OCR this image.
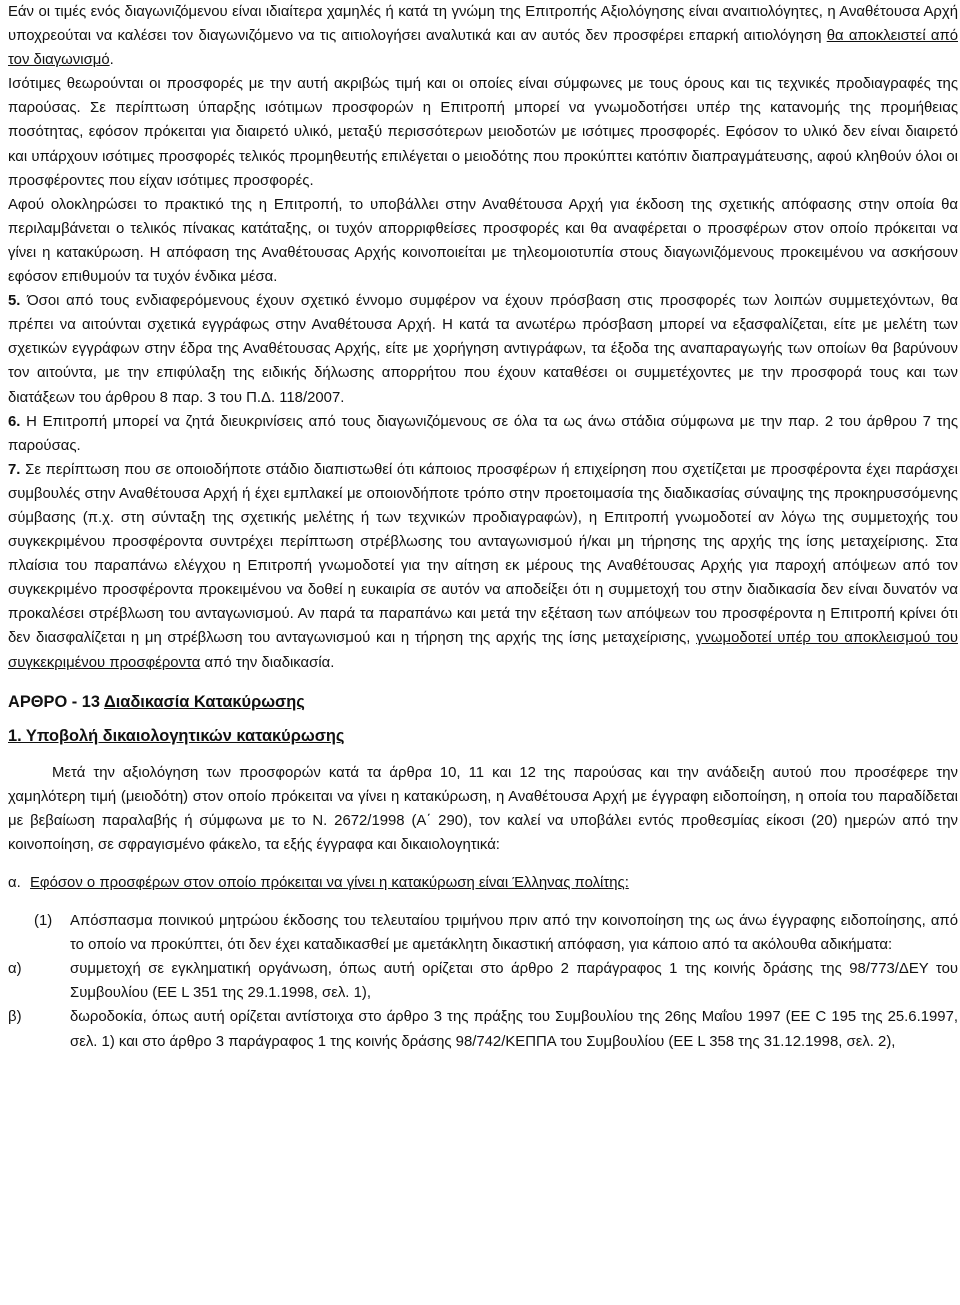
Εάν οι τιμές ενός διαγωνιζόμενου είναι ιδιαίτερα χαμηλές ή κατά τη γνώμη της Επιτροπής Αξιολόγησης είναι αναιτιολόγητες, η Αναθέτουσα Αρχή υποχρεούται να καλέσει τον διαγωνιζόμενο να τις αιτιολογήσει αναλυτικά και αν αυτός δεν προσφέρει επαρκή αιτιολόγηση θα αποκλειστεί από τον διαγωνισμό.

Ισότιμες θεωρούνται οι προσφορές με την αυτή ακριβώς τιμή και οι οποίες είναι σύμφωνες με τους όρους και τις τεχνικές προδιαγραφές της παρούσας. Σε περίπτωση ύπαρξης ισότιμων προσφορών η Επιτροπή μπορεί να γνωμοδοτήσει υπέρ της κατανομής της προμήθειας ποσότητας, εφόσον πρόκειται για διαιρετό υλικό, μεταξύ περισσότερων μειοδοτών με ισότιμες προσφορές. Εφόσον το υλικό δεν είναι διαιρετό και υπάρχουν ισότιμες προσφορές τελικός προμηθευτής επιλέγεται ο μειοδότης που προκύπτει κατόπιν διαπραγμάτευσης, αφού κληθούν όλοι οι προσφέροντες που είχαν ισότιμες προσφορές.

Αφού ολοκληρώσει το πρακτικό της η Επιτροπή, το υποβάλλει στην Αναθέτουσα Αρχή για έκδοση της σχετικής απόφασης στην οποία θα περιλαμβάνεται ο τελικός πίνακας κατάταξης, οι τυχόν απορριφθείσες προσφορές και θα αναφέρεται ο προσφέρων στον οποίο πρόκειται να γίνει η κατακύρωση. Η απόφαση της Αναθέτουσας Αρχής κοινοποιείται με τηλεομοιοτυπία στους διαγωνιζόμενους προκειμένου να ασκήσουν εφόσον επιθυμούν τα τυχόν ένδικα μέσα.

5. Όσοι από τους ενδιαφερόμενους έχουν σχετικό έννομο συμφέρον να έχουν πρόσβαση στις προσφορές των λοιπών συμμετεχόντων, θα πρέπει να αιτούνται σχετικά εγγράφως στην Αναθέτουσα Αρχή. Η κατά τα ανωτέρω πρόσβαση μπορεί να εξασφαλίζεται, είτε με μελέτη των σχετικών εγγράφων στην έδρα της Αναθέτουσας Αρχής, είτε με χορήγηση αντιγράφων, τα έξοδα της αναπαραγωγής των οποίων θα βαρύνουν τον αιτούντα, με την επιφύλαξη της ειδικής δήλωσης απορρήτου που έχουν καταθέσει οι συμμετέχοντες με την προσφορά τους και των διατάξεων του άρθρου 8 παρ. 3 του Π.Δ. 118/2007.

6. Η Επιτροπή μπορεί να ζητά διευκρινίσεις από τους διαγωνιζόμενους σε όλα τα ως άνω στάδια σύμφωνα με την παρ. 2 του άρθρου 7 της παρούσας.

7. Σε περίπτωση που σε οποιοδήποτε στάδιο διαπιστωθεί ότι κάποιος προσφέρων ή επιχείρηση που σχετίζεται με προσφέροντα έχει παράσχει συμβουλές στην Αναθέτουσα Αρχή ή έχει εμπλακεί με οποιονδήποτε τρόπο στην προετοιμασία της διαδικασίας σύναψης της προκηρυσσόμενης σύμβασης (π.χ. στη σύνταξη της σχετικής μελέτης ή των τεχνικών προδιαγραφών), η Επιτροπή γνωμοδοτεί αν λόγω της συμμετοχής του συγκεκριμένου προσφέροντα συντρέχει περίπτωση στρέβλωσης του ανταγωνισμού ή/και μη τήρησης της αρχής της ίσης μεταχείρισης. Στα πλαίσια του παραπάνω ελέγχου η Επιτροπή γνωμοδοτεί για την αίτηση εκ μέρους της Αναθέτουσας Αρχής για παροχή απόψεων από τον συγκεκριμένο προσφέροντα προκειμένου να δοθεί η ευκαιρία σε αυτόν να αποδείξει ότι η συμμετοχή του στην διαδικασία δεν είναι δυνατόν να προκαλέσει στρέβλωση του ανταγωνισμού. Αν παρά τα παραπάνω και μετά την εξέταση των απόψεων του προσφέροντα η Επιτροπή κρίνει ότι δεν διασφαλίζεται η μη στρέβλωση του ανταγωνισμού και η τήρηση της αρχής της ίσης μεταχείρισης, γνωμοδοτεί υπέρ του αποκλεισμού του συγκεκριμένου προσφέροντα από την διαδικασία.

ΑΡΘΡΟ - 13 Διαδικασία Κατακύρωσης

1. Υποβολή δικαιολογητικών κατακύρωσης

Μετά την αξιολόγηση των προσφορών κατά τα άρθρα 10, 11 και 12 της παρούσας και την ανάδειξη αυτού που προσέφερε την χαμηλότερη τιμή (μειοδότη) στον οποίο πρόκειται να γίνει η κατακύρωση, η Αναθέτουσα Αρχή με έγγραφη ειδοποίηση, η οποία του παραδίδεται με βεβαίωση παραλαβής ή σύμφωνα με το Ν. 2672/1998 (Α΄ 290), τον καλεί να υποβάλει εντός προθεσμίας είκοσι (20) ημερών από την κοινοποίηση, σε σφραγισμένο φάκελο, τα εξής έγγραφα και δικαιολογητικά:

α. Εφόσον ο προσφέρων στον οποίο πρόκειται να γίνει η κατακύρωση είναι Έλληνας πολίτης:
(1)	Απόσπασμα ποινικού μητρώου έκδοσης του τελευταίου τριμήνου πριν από την κοινοποίηση της ως άνω έγγραφης ειδοποίησης, από το οποίο να προκύπτει, ότι δεν έχει καταδικασθεί με αμετάκλητη δικαστική απόφαση, για κάποιο από τα ακόλουθα αδικήματα:
α)	συμμετοχή σε εγκληματική οργάνωση, όπως αυτή ορίζεται στο άρθρο 2 παράγραφος 1 της κοινής δράσης της 98/773/ΔΕΥ του Συμβουλίου (ΕΕ L 351 της 29.1.1998, σελ. 1),
β)	δωροδοκία, όπως αυτή ορίζεται αντίστοιχα στο άρθρο 3 της πράξης του Συμβουλίου της 26ης Μαΐου 1997 (ΕΕ C 195 της 25.6.1997, σελ. 1) και στο άρθρο 3 παράγραφος 1 της κοινής δράσης 98/742/ΚΕΠΠΑ του Συμβουλίου (ΕΕ L 358 της 31.12.1998, σελ. 2),
